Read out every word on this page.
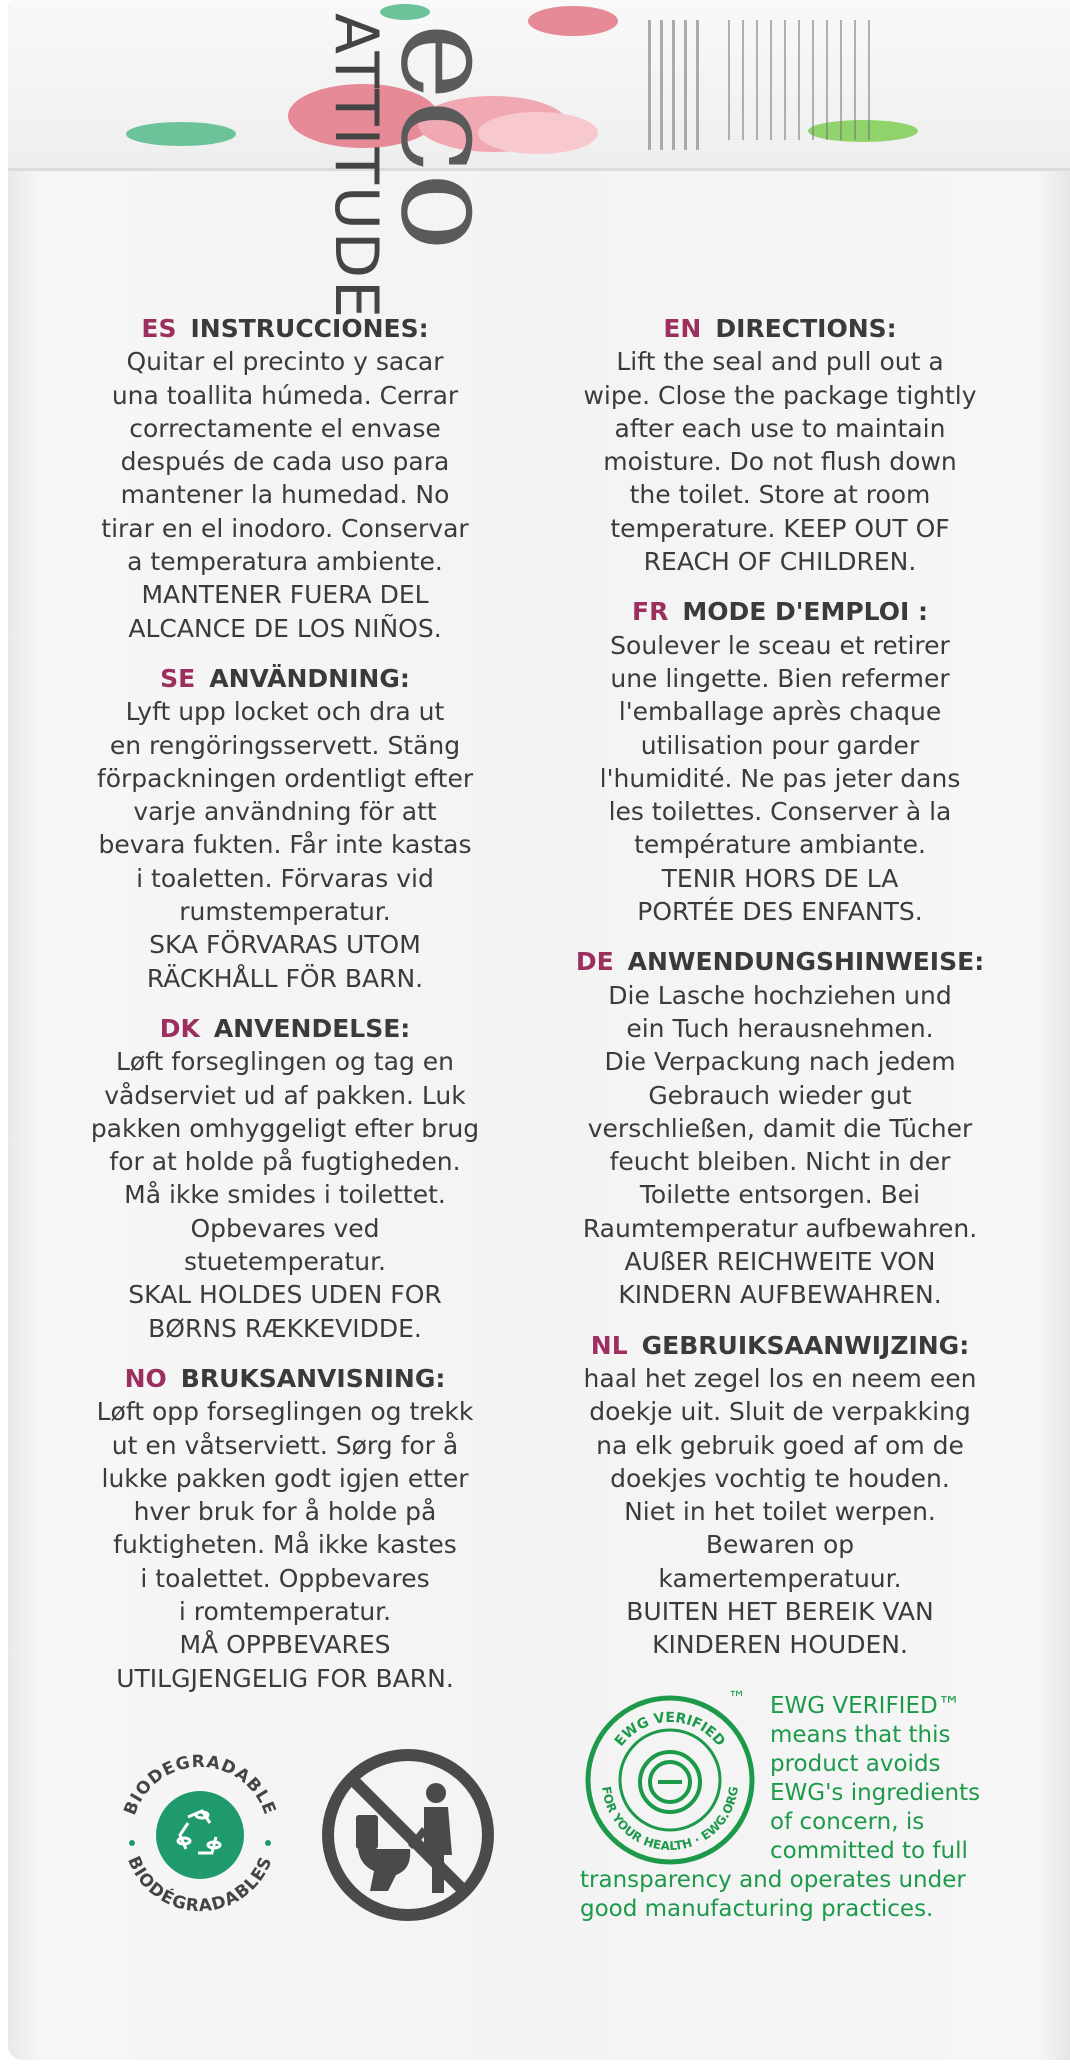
ATTITUDE
eco
ES INSTRUCCIONES:
Quitar el precinto y sacar
una toallita húmeda. Cerrar
correctamente el envase
después de cada uso para
mantener la humedad. No
tirar en el inodoro. Conservar
a temperatura ambiente.
MANTENER FUERA DEL
ALCANCE DE LOS NIÑOS.
SE ANVÄNDNING:
Lyft upp locket och dra ut
en rengöringsservett. Stäng
förpackningen ordentligt efter
varje användning för att
bevara fukten. Får inte kastas
i toaletten. Förvaras vid
rumstemperatur.
SKA FÖRVARAS UTOM
RÄCKHÅLL FÖR BARN.
DK ANVENDELSE:
Løft forseglingen og tag en
vådserviet ud af pakken. Luk
pakken omhyggeligt efter brug
for at holde på fugtigheden.
Må ikke smides i toilettet.
Opbevares ved
stuetemperatur.
SKAL HOLDES UDEN FOR
BØRNS RÆKKEVIDDE.
NO BRUKSANVISNING:
Løft opp forseglingen og trekk
ut en våtserviett. Sørg for å
lukke pakken godt igjen etter
hver bruk for å holde på
fuktigheten. Må ikke kastes
i toalettet. Oppbevares
i romtemperatur.
MÅ OPPBEVARES
UTILGJENGELIG FOR BARN.
EN DIRECTIONS:
Lift the seal and pull out a
wipe. Close the package tightly
after each use to maintain
moisture. Do not flush down
the toilet. Store at room
temperature. KEEP OUT OF
REACH OF CHILDREN.
FR MODE D'EMPLOI :
Soulever le sceau et retirer
une lingette. Bien refermer
l'emballage après chaque
utilisation pour garder
l'humidité. Ne pas jeter dans
les toilettes. Conserver à la
température ambiante.
TENIR HORS DE LA
PORTÉE DES ENFANTS.
DE ANWENDUNGSHINWEISE:
Die Lasche hochziehen und
ein Tuch herausnehmen.
Die Verpackung nach jedem
Gebrauch wieder gut
verschließen, damit die Tücher
feucht bleiben. Nicht in der
Toilette entsorgen. Bei
Raumtemperatur aufbewahren.
AUßER REICHWEITE VON
KINDERN AUFBEWAHREN.
NL GEBRUIKSAANWIJZING:
haal het zegel los en neem een
doekje uit. Sluit de verpakking
na elk gebruik goed af om de
doekjes vochtig te houden.
Niet in het toilet werpen.
Bewaren op
kamertemperatuur.
BUITEN HET BEREIK VAN
KINDEREN HOUDEN.
BIODEGRADABLE
BIODÉGRADABLES
EWG VERIFIED
FOR YOUR HEALTH · EWG.ORG
™	EWG VERIFIED™
means that this
product avoids
EWG's ingredients
of concern, is
committed to full
transparency and operates under
good manufacturing practices.
